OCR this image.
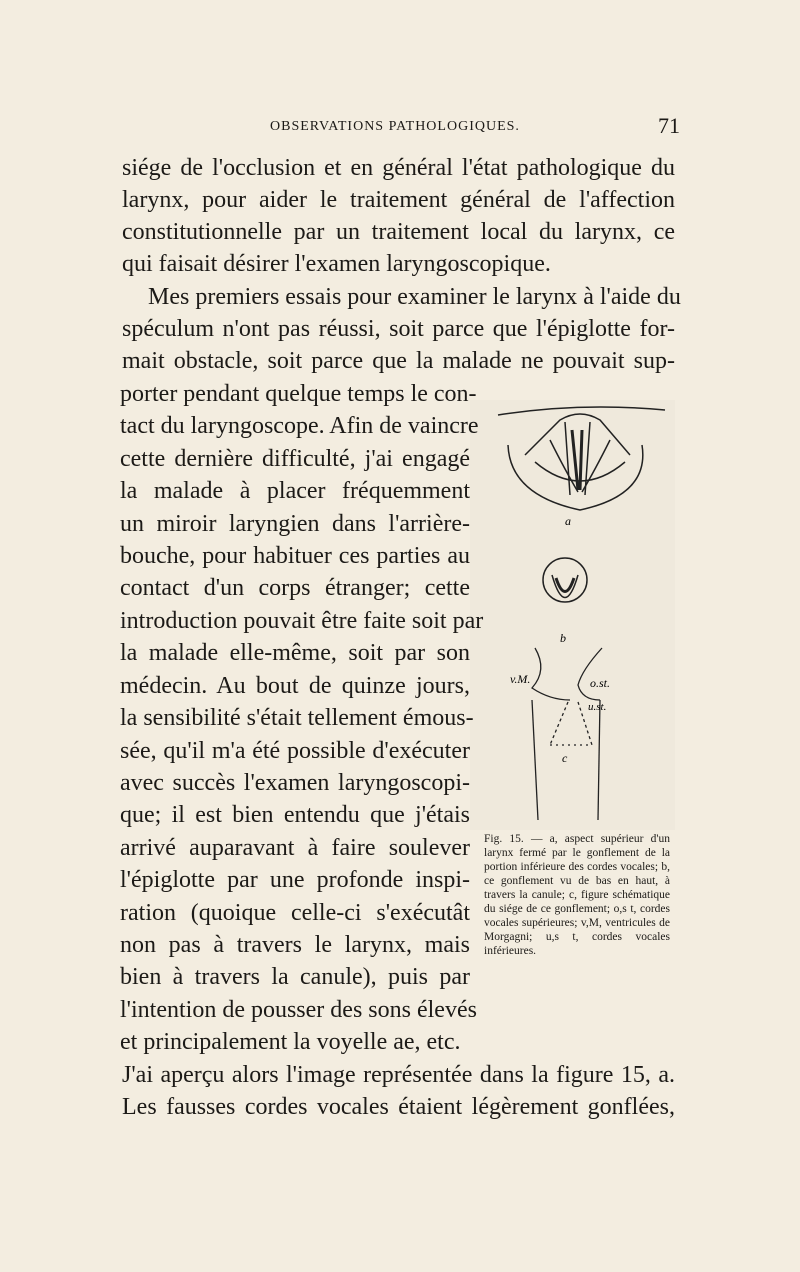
OBSERVATIONS PATHOLOGIQUES.	71
siége de l'occlusion et en général l'état pathologique du
larynx, pour aider le traitement général de l'affection
constitutionnelle par un traitement local du larynx, ce
qui faisait désirer l'examen laryngoscopique.
Mes premiers essais pour examiner le larynx à l'aide du
spéculum n'ont pas réussi, soit parce que l'épiglotte for-
mait obstacle, soit parce que la malade ne pouvait sup-
porter pendant quelque temps le con-
tact du laryngoscope. Afin de vaincre
cette dernière difficulté, j'ai engagé
la malade à placer fréquemment
un miroir laryngien dans l'arrière-
bouche, pour habituer ces parties au
contact d'un corps étranger; cette
introduction pouvait être faite soit par
la malade elle-même, soit par son
médecin. Au bout de quinze jours,
la sensibilité s'était tellement émous-
sée, qu'il m'a été possible d'exécuter
avec succès l'examen laryngoscopi-
que; il est bien entendu que j'étais
arrivé auparavant à faire soulever
l'épiglotte par une profonde inspi-
ration (quoique celle-ci s'exécutât
non pas à travers le larynx, mais
bien à travers la canule), puis par
l'intention de pousser des sons élevés
et principalement la voyelle ae, etc.
J'ai aperçu alors l'image représentée dans la figure 15, a.
Les fausses cordes vocales étaient légèrement gonflées,
a
b
v.M.	o.st.
u.st.
c
Fig. 15. — a, aspect supérieur d'un larynx fermé par le gonflement de la portion inférieure des cordes vocales; b, ce gonflement vu de bas en haut, à travers la canule; c, figure schématique du siége de ce gonflement; o,s t, cordes vocales supérieures; v,M, ventricules de Morgagni; u,s t, cordes vocales inférieures.
